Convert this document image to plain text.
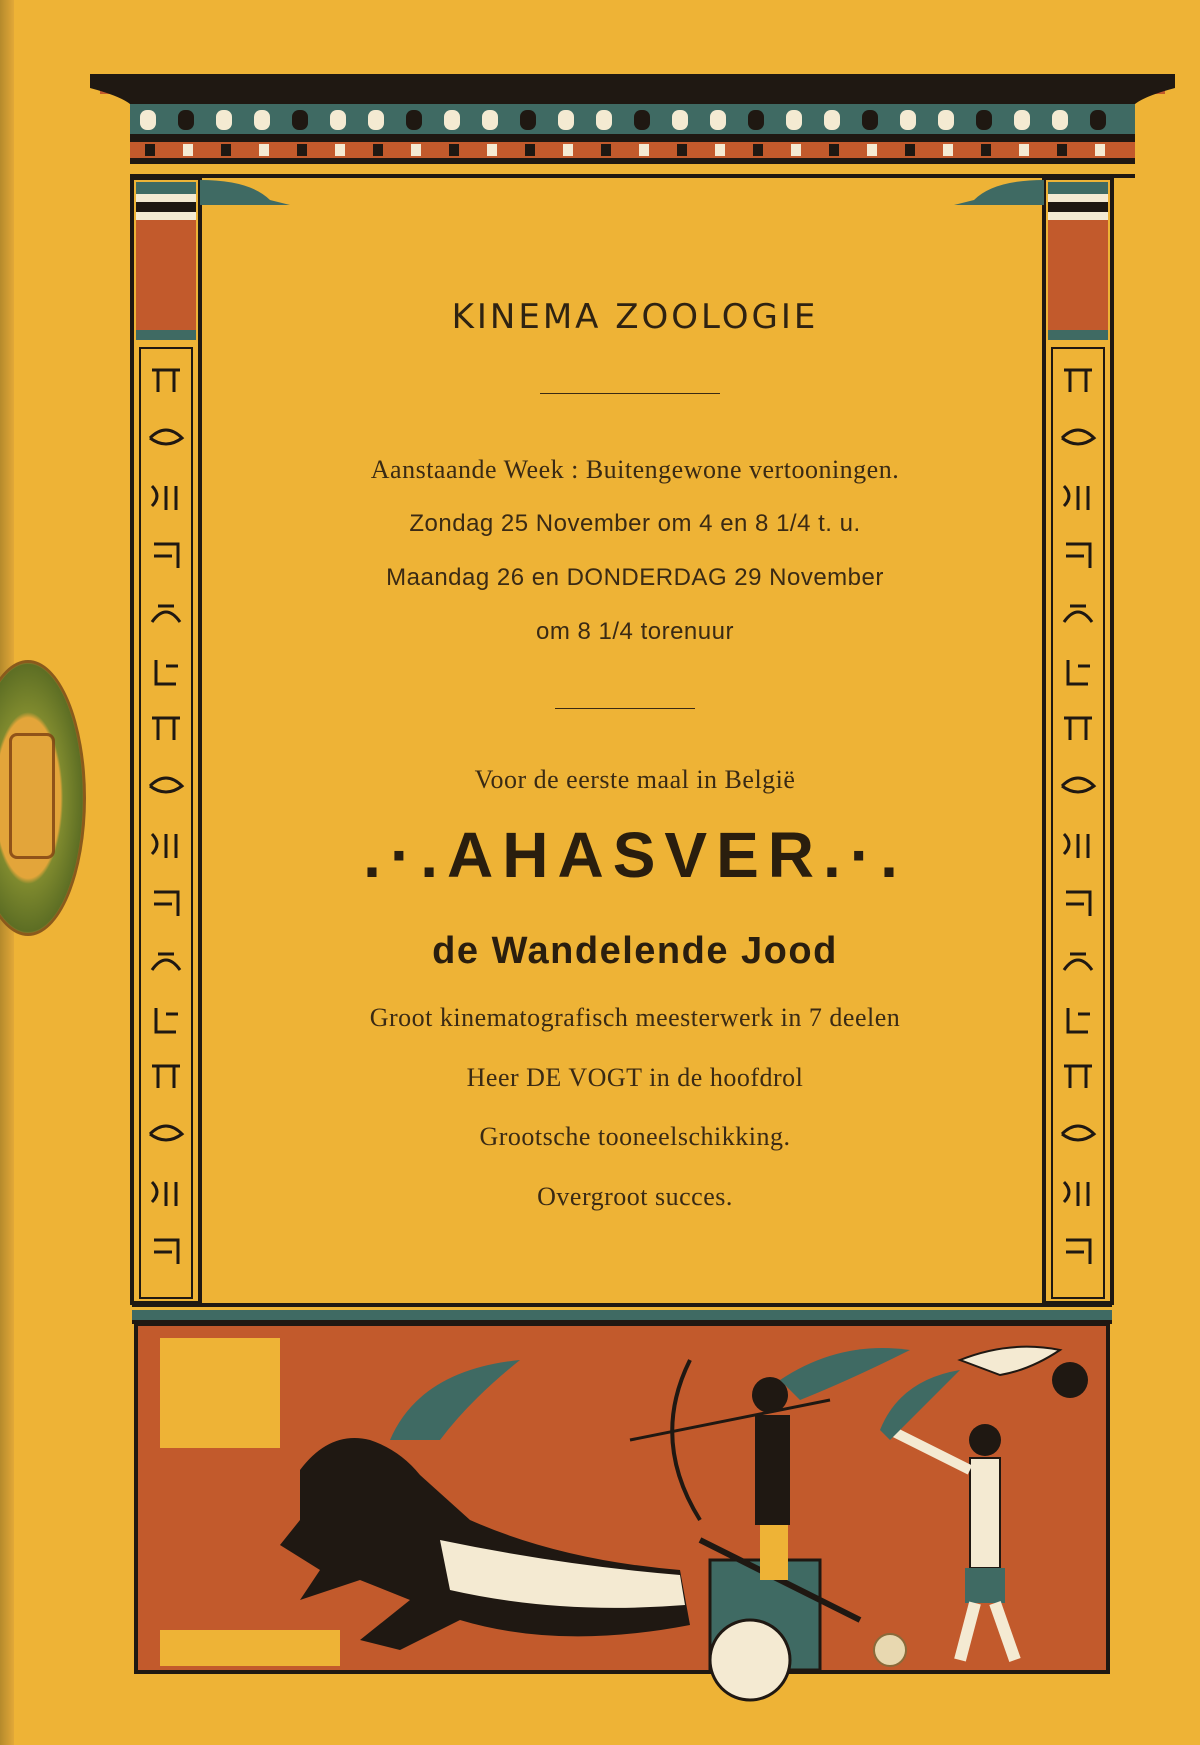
KINEMA ZOOLOGIE
Aanstaande Week : Buitengewone vertooningen.
Zondag 25 November om 4 en 8 1/4 t. u.
Maandag 26 en DONDERDAG 29 November
om 8 1/4 torenuur
Voor de eerste maal in België
.·.AHASVER.·.
de Wandelende Jood
Groot kinematografisch meesterwerk in 7 deelen
Heer DE VOGT in de hoofdrol
Grootsche tooneelschikking.
Overgroot succes.
